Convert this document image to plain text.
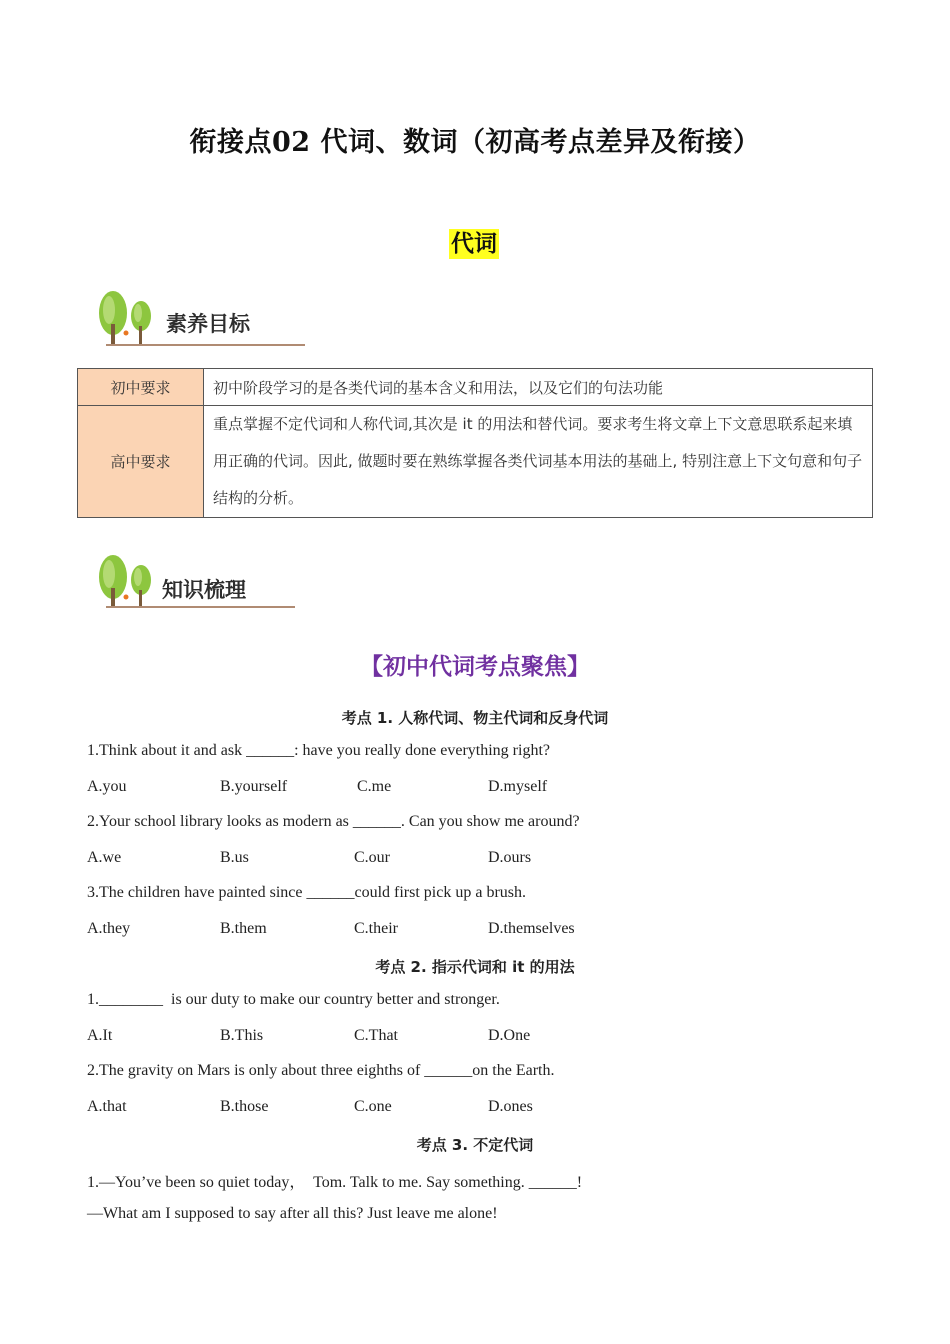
衔接点02 代词、数词（初高考点差异及衔接）
代词
素养目标
初中要求	初中阶段学习的是各类代词的基本含义和用法，以及它们的句法功能
高中要求	重点掌握不定代词和人称代词,其次是 it 的用法和替代词。要求考生将文章上下文意思联系起来填用正确的代词。因此, 做题时要在熟练掌握各类代词基本用法的基础上, 特别注意上下文句意和句子结构的分析。
知识梳理
【初中代词考点聚焦】
考点 1. 人称代词、物主代词和反身代词
1.Think about it and ask ______: have you really done everything right?
A.you	B.yourself	C.me	D.myself
2.Your school library looks as modern as ______. Can you show me around?
A.we	B.us	C.our	D.ours
3.The children have painted since ______could first pick up a brush.
A.they	B.them	C.their	D.themselves
考点 2. 指示代词和 it 的用法
1.________  is our duty to make our country better and stronger.
A.It	B.This	C.That	D.One
2.The gravity on Mars is only about three eighths of ______on the Earth.
A.that	B.those	C.one	D.ones
考点 3. 不定代词
1.—You’ve been so quiet today，  Tom. Talk to me. Say something. ______!
—What am I supposed to say after all this? Just leave me alone!
